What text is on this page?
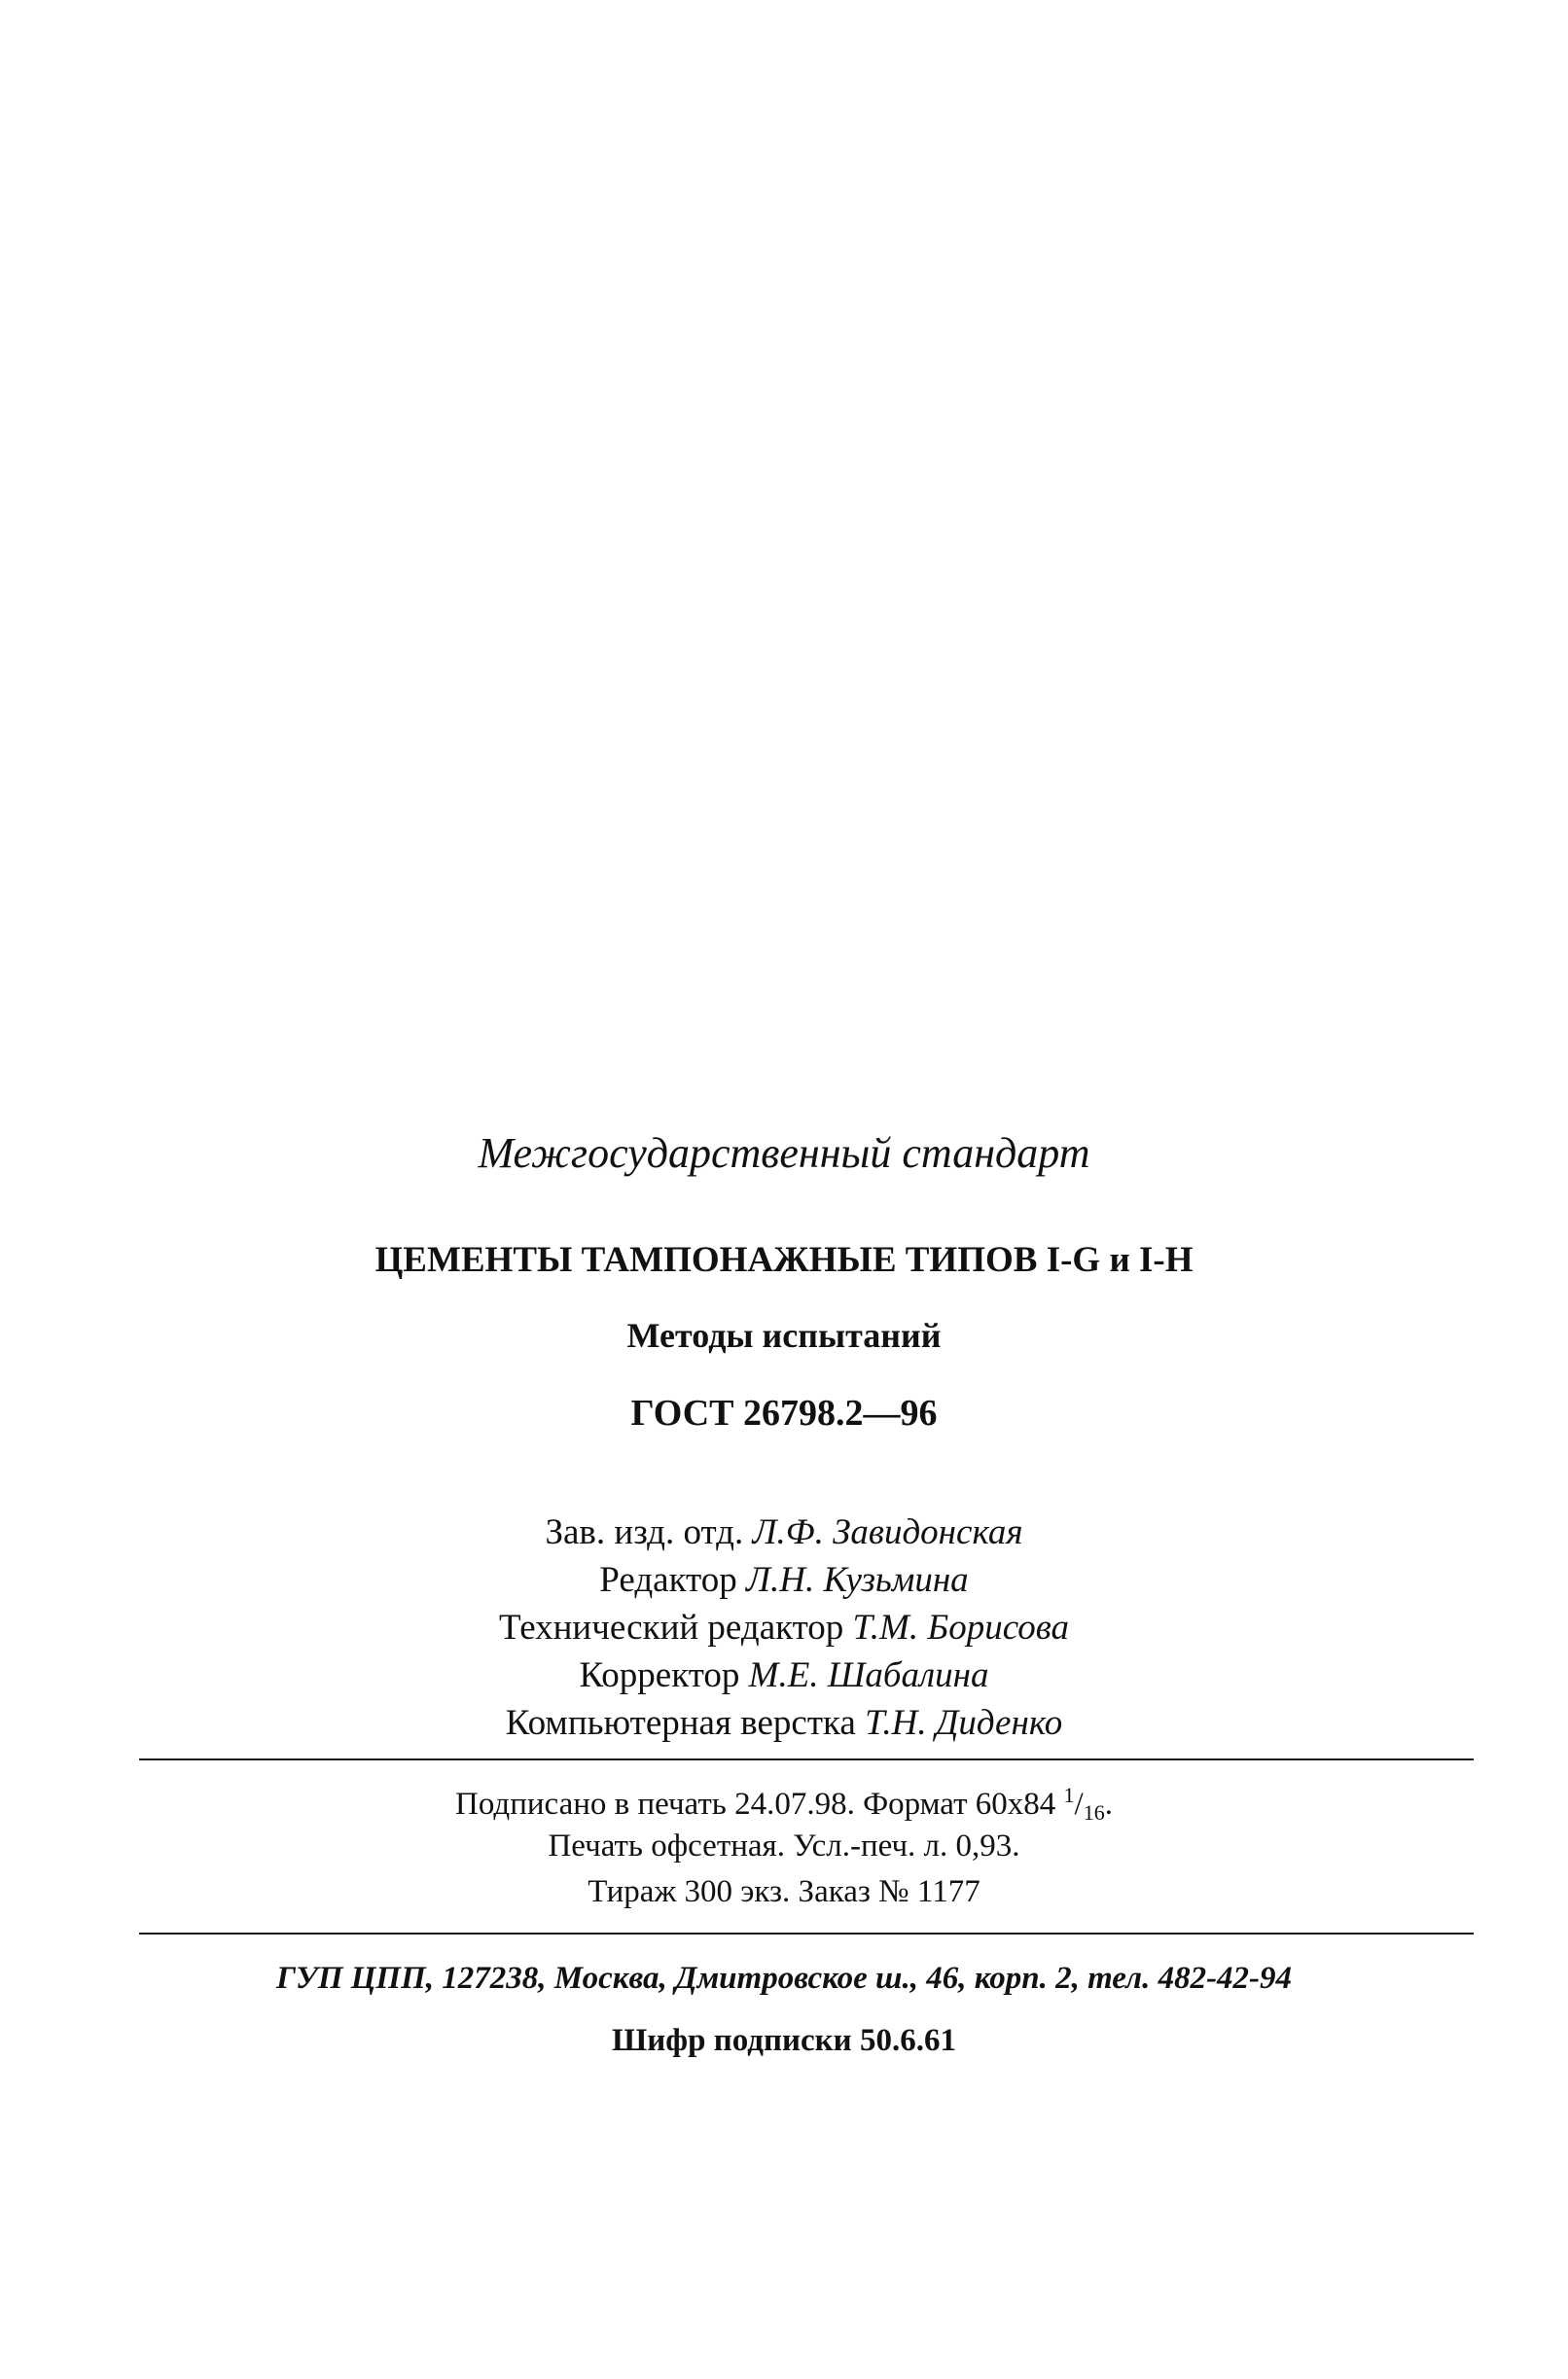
Межгосударственный стандарт
ЦЕМЕНТЫ ТАМПОНАЖНЫЕ ТИПОВ I-G и I-H
Методы испытаний
ГОСТ 26798.2—96
Зав. изд. отд. Л.Ф. Завидонская
Редактор Л.Н. Кузьмина
Технический редактор Т.М. Борисова
Корректор М.Е. Шабалина
Компьютерная верстка Т.Н. Диденко
Подписано в печать 24.07.98. Формат 60x84 $^1/_{16}$.
Печать офсетная. Усл.-печ. л. 0,93.
Тираж 300 экз. Заказ № 1177
ГУП ЦПП, 127238, Москва, Дмитровское ш., 46, корп. 2, тел. 482-42-94
Шифр подписки 50.6.61
